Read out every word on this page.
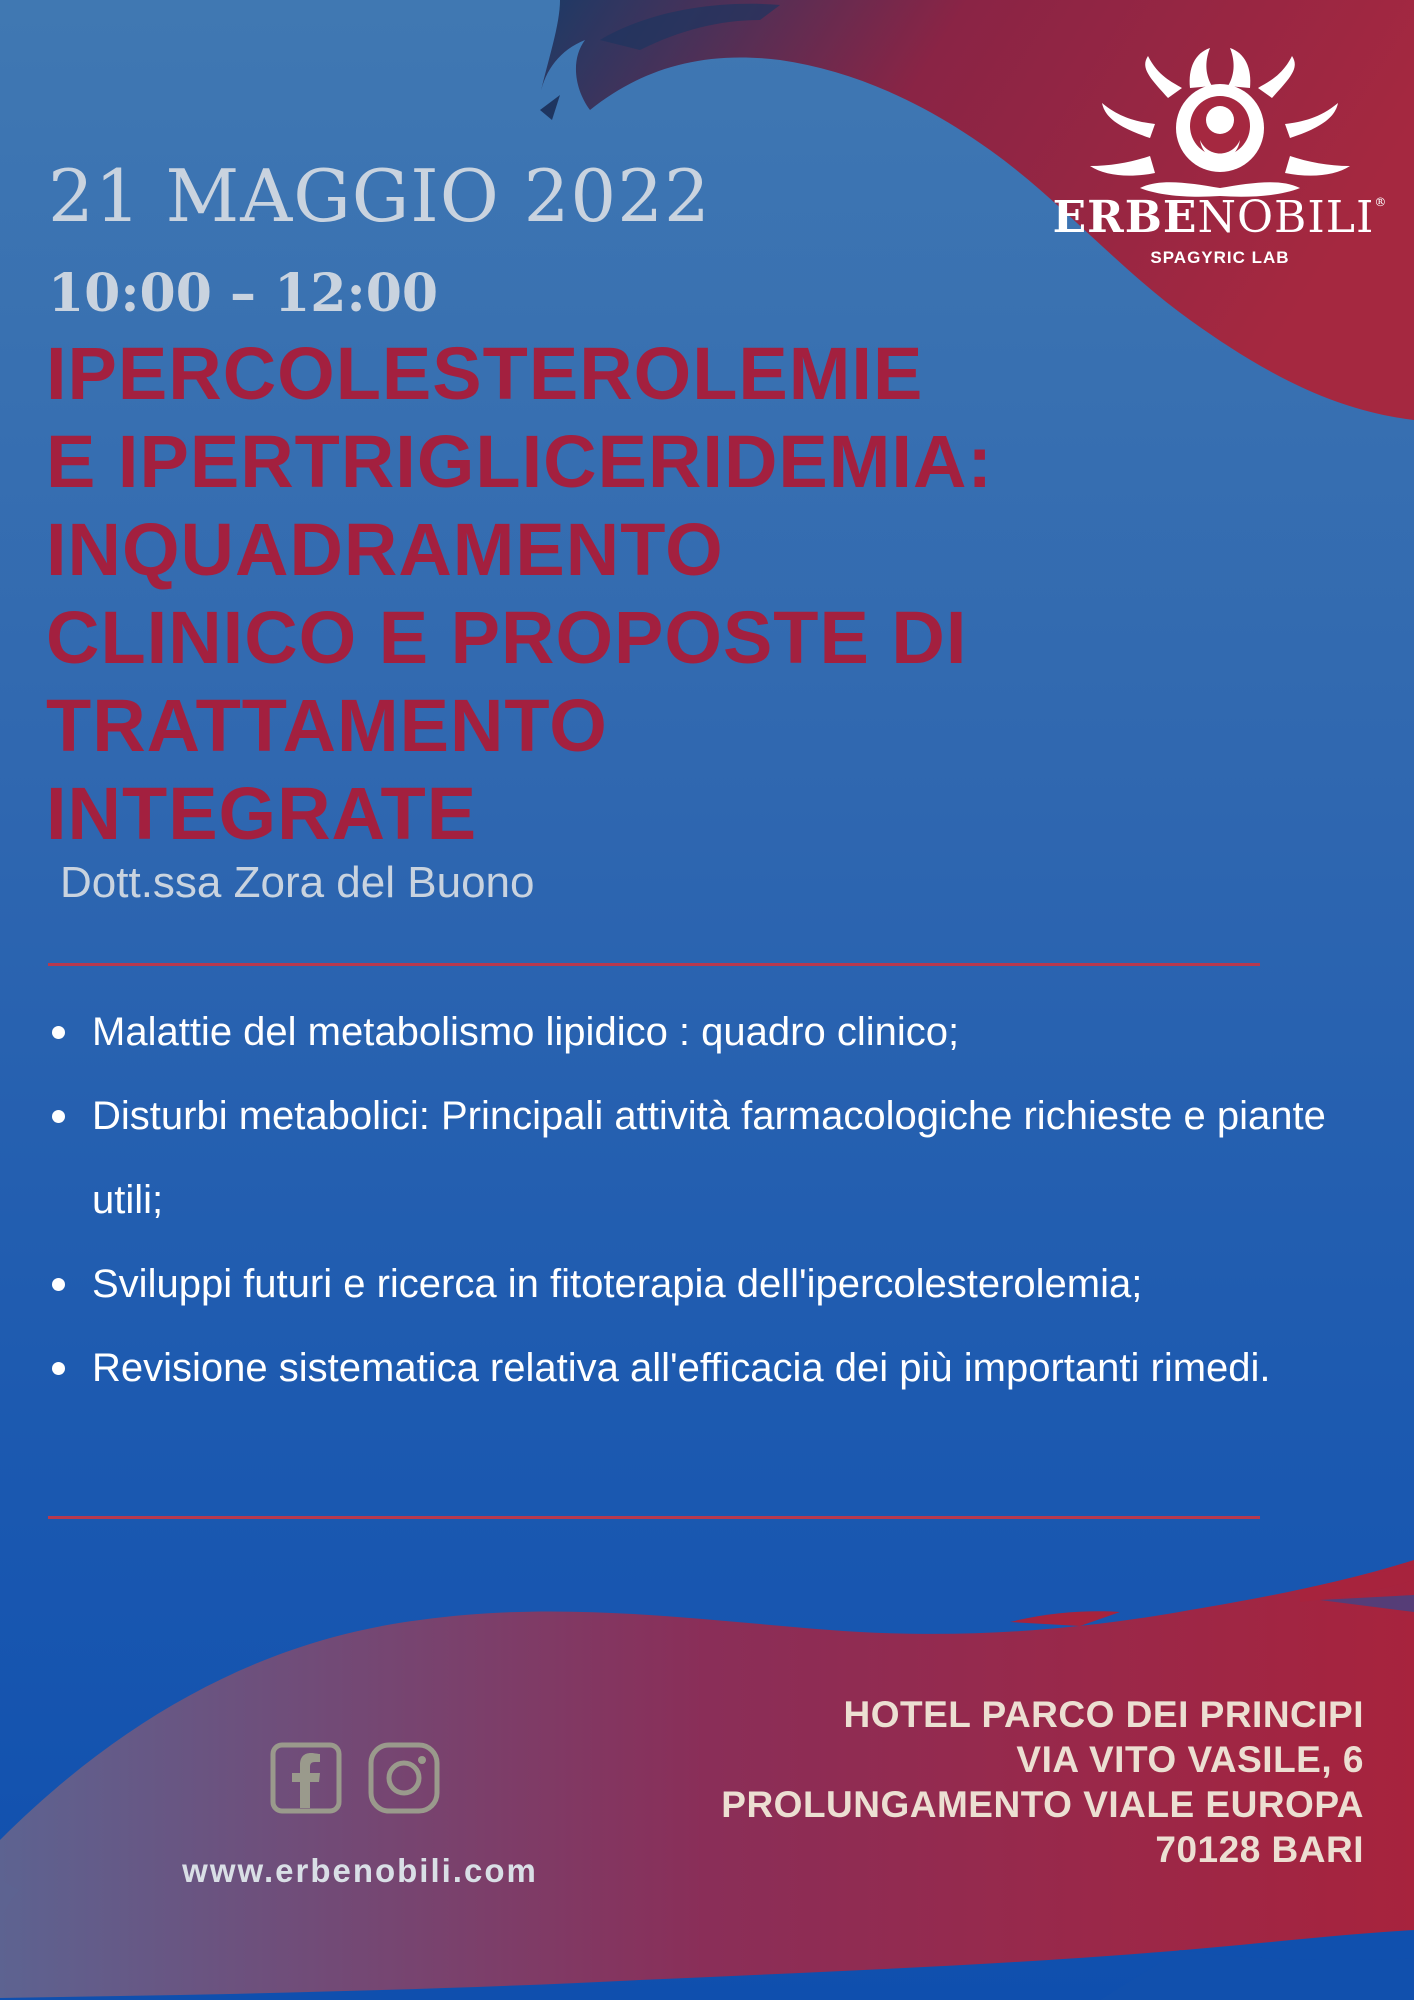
ERBENOBILI®
SPAGYRIC LAB
21 MAGGIO 2022
10:00 – 12:00
IPERCOLESTEROLEMIE
E IPERTRIGLICERIDEMIA:
INQUADRAMENTO
CLINICO E PROPOSTE DI
TRATTAMENTO
INTEGRATE

Dott.ssa Zora del Buono

Malattie del metabolismo lipidico : quadro clinico;
Disturbi metabolici: Principali attività farmacologiche richieste e piante utili;
Sviluppi futuri e ricerca in fitoterapia dell'ipercolesterolemia;
Revisione sistematica relativa all'efficacia dei più importanti rimedi.

www.erbenobili.com

HOTEL PARCO DEI PRINCIPI
VIA VITO VASILE, 6
PROLUNGAMENTO VIALE EUROPA
70128 BARI
